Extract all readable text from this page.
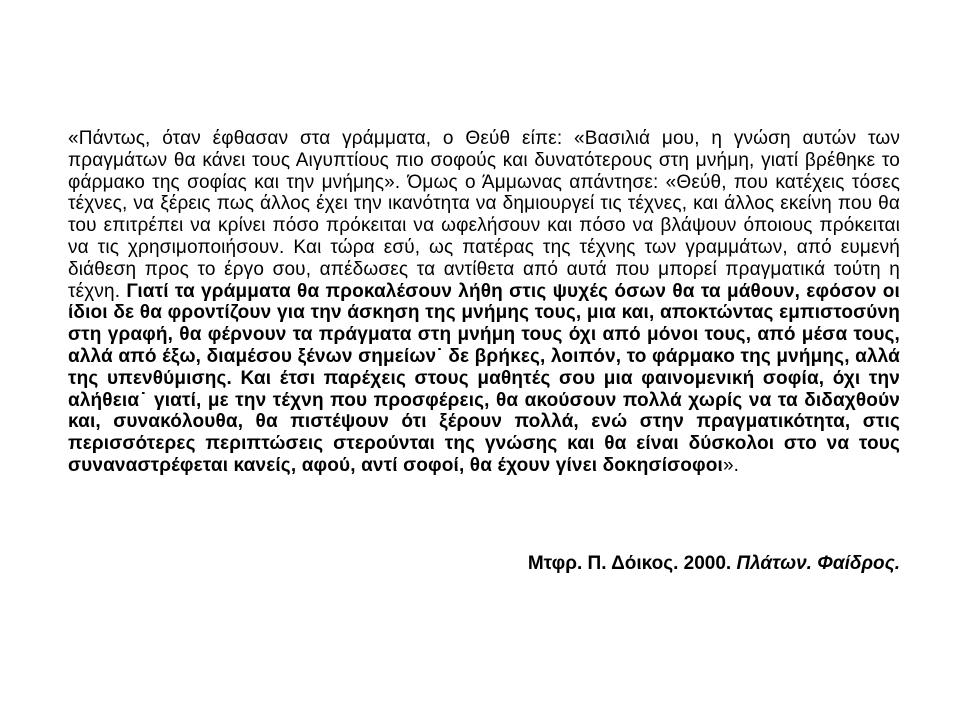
«Πάντως, όταν έφθασαν στα γράμματα, ο Θεύθ είπε: «Βασιλιά μου, η γνώση αυτών των πραγμάτων θα κάνει τους Αιγυπτίους πιο σοφούς και δυνατότερους στη μνήμη, γιατί βρέθηκε το φάρμακο της σοφίας και την μνήμης». Όμως ο Άμμωνας απάντησε: «Θεύθ, που κατέχεις τόσες τέχνες, να ξέρεις πως άλλος έχει την ικανότητα να δημιουργεί τις τέχνες, και άλλος εκείνη που θα του επιτρέπει να κρίνει πόσο πρόκειται να ωφελήσουν και πόσο να βλάψουν όποιους πρόκειται να τις χρησιμοποιήσουν. Και τώρα εσύ, ως πατέρας της τέχνης των γραμμάτων, από ευμενή διάθεση προς το έργο σου, απέδωσες τα αντίθετα από αυτά που μπορεί πραγματικά τούτη η τέχνη. Γιατί τα γράμματα θα προκαλέσουν λήθη στις ψυχές όσων θα τα μάθουν, εφόσον οι ίδιοι δε θα φροντίζουν για την άσκηση της μνήμης τους, μια και, αποκτώντας εμπιστοσύνη στη γραφή, θα φέρνουν τα πράγματα στη μνήμη τους όχι από μόνοι τους, από μέσα τους, αλλά από έξω, διαμέσου ξένων σημείων˙ δε βρήκες, λοιπόν, το φάρμακο της μνήμης, αλλά της υπενθύμισης. Και έτσι παρέχεις στους μαθητές σου μια φαινομενική σοφία, όχι την αλήθεια˙ γιατί, με την τέχνη που προσφέρεις, θα ακούσουν πολλά χωρίς να τα διδαχθούν και, συνακόλουθα, θα πιστέψουν ότι ξέρουν πολλά, ενώ στην πραγματικότητα, στις περισσότερες περιπτώσεις στερούνται της γνώσης και θα είναι δύσκολοι στο να τους συναναστρέφεται κανείς, αφού, αντί σοφοί, θα έχουν γίνει δοκησίσοφοι».

Μτφρ. Π. Δόικος. 2000. Πλάτων. Φαίδρος.
